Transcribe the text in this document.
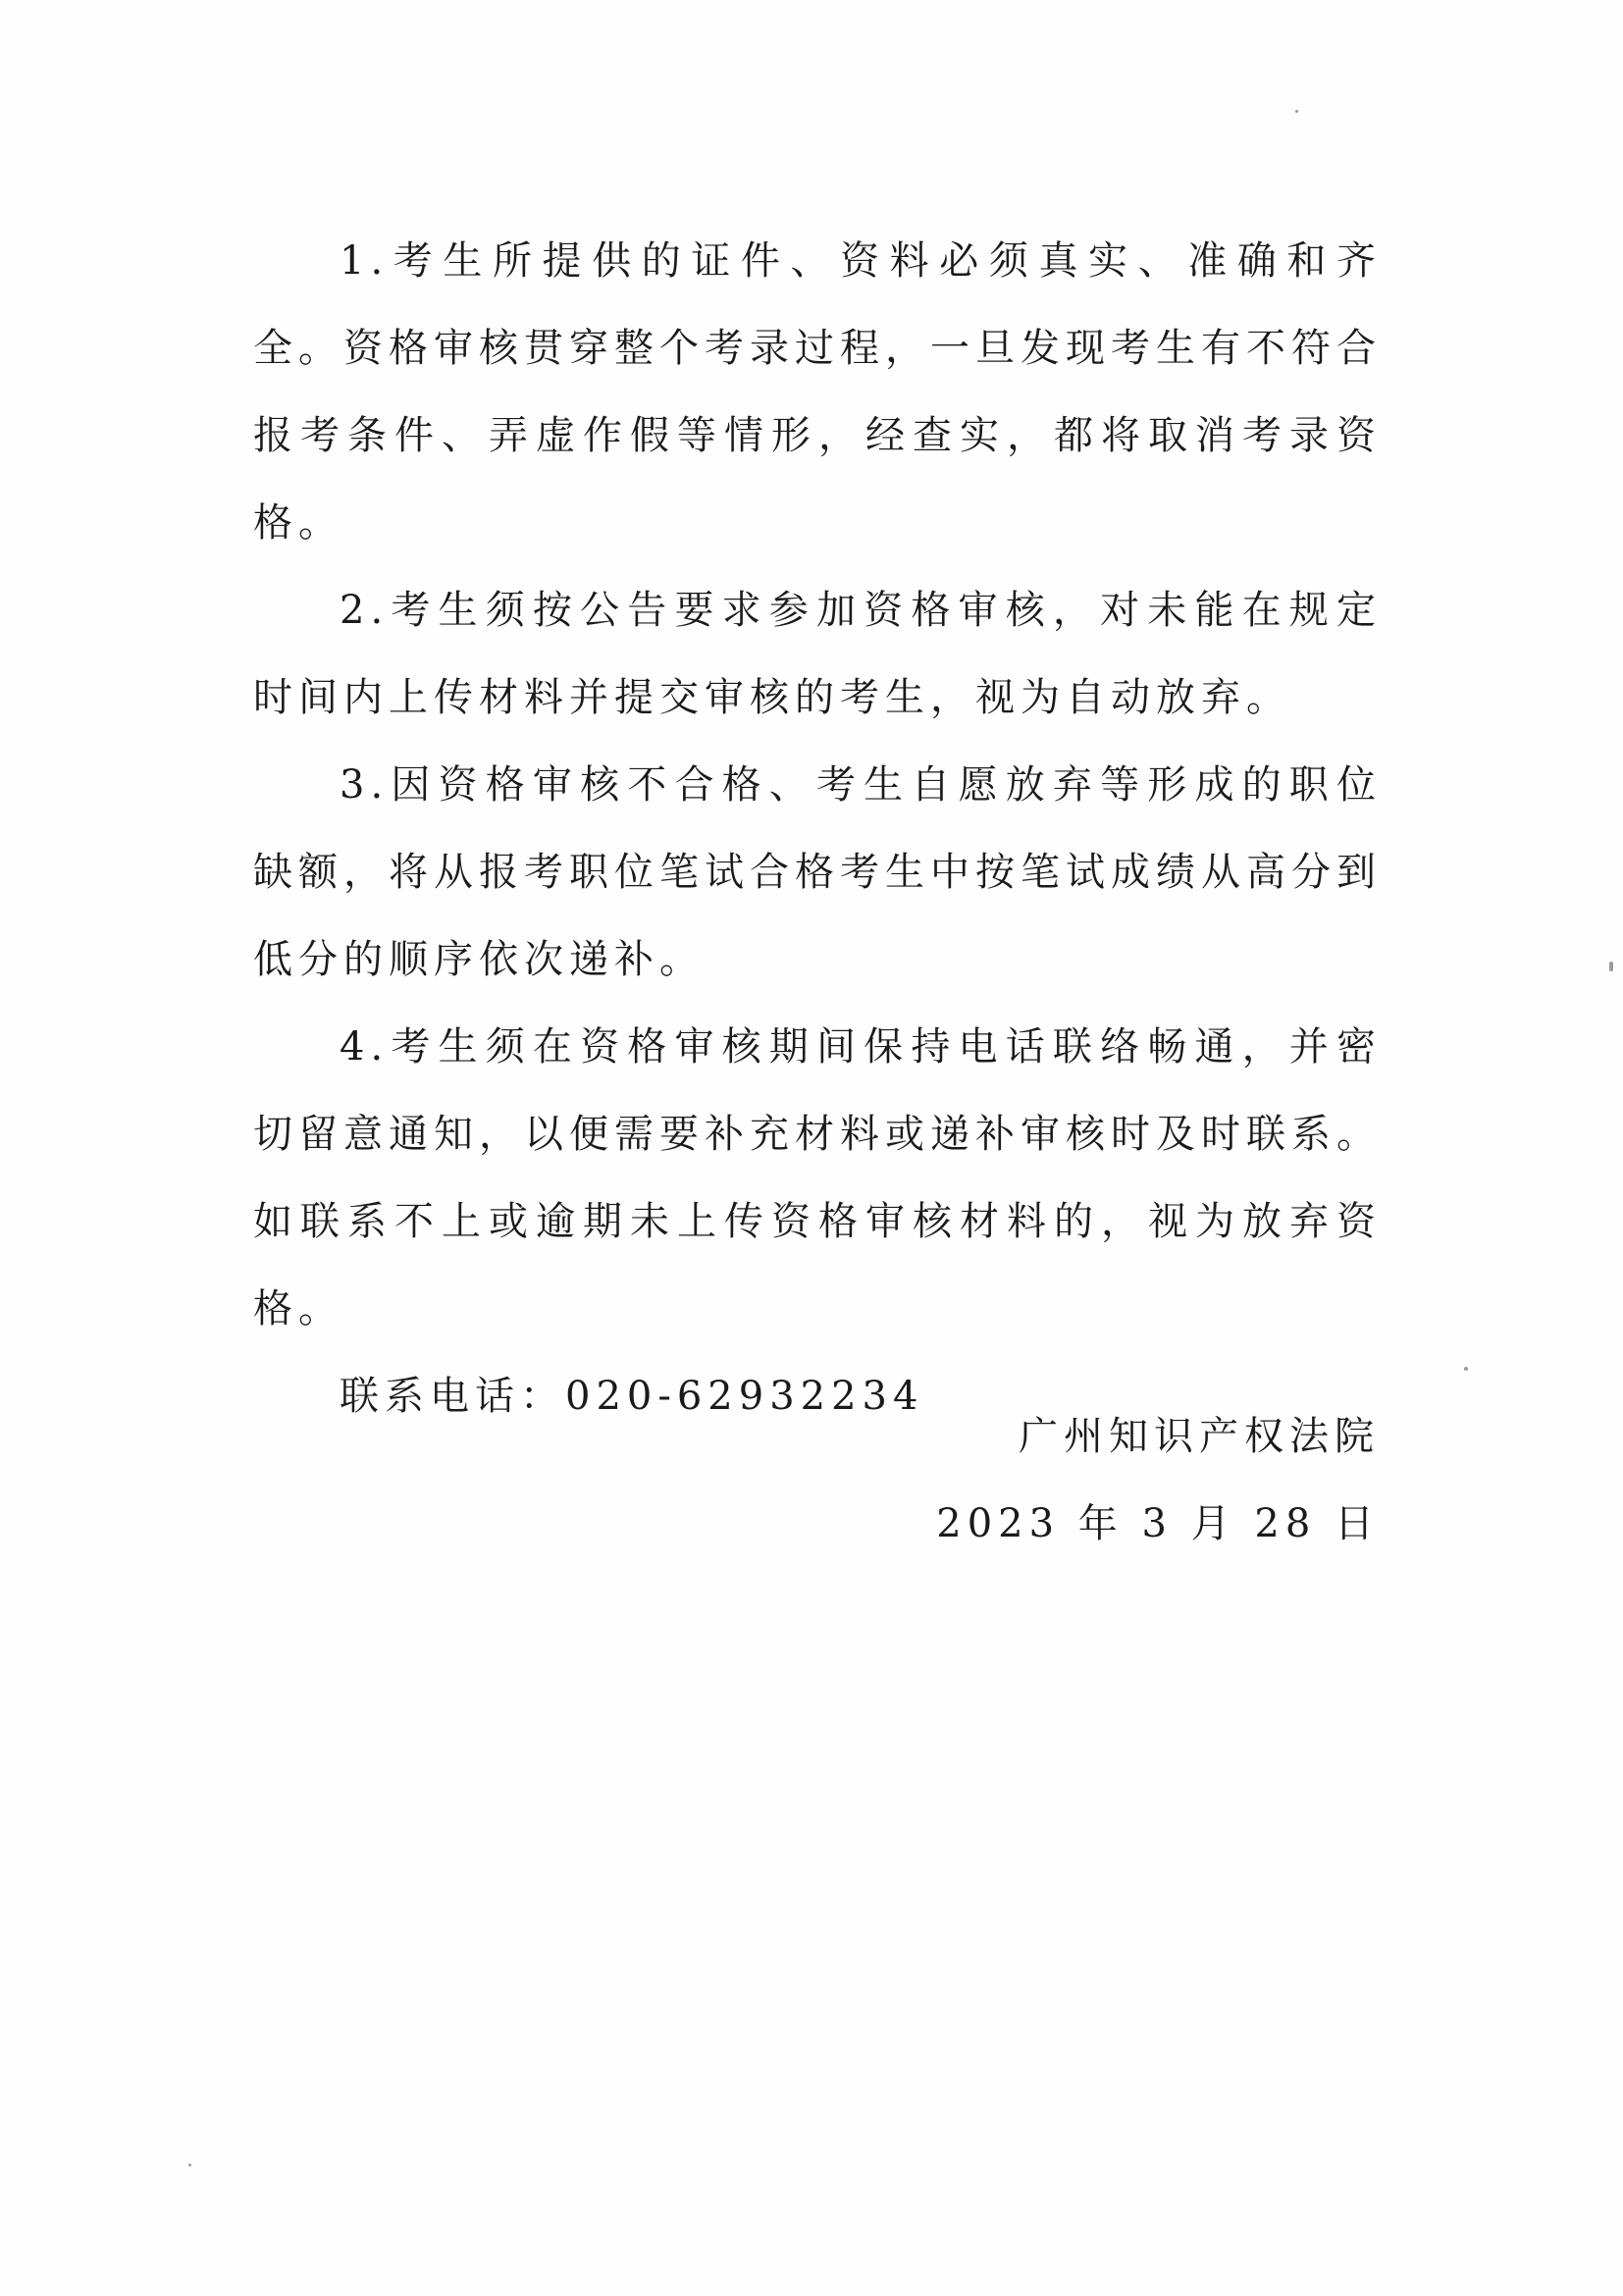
1.考生所提供的证件、资料必须真实、准确和齐全。资格审核贯穿整个考录过程，一旦发现考生有不符合报考条件、弄虚作假等情形，经查实，都将取消考录资格。

2.考生须按公告要求参加资格审核，对未能在规定时间内上传材料并提交审核的考生，视为自动放弃。

3.因资格审核不合格、考生自愿放弃等形成的职位缺额，将从报考职位笔试合格考生中按笔试成绩从高分到低分的顺序依次递补。

4.考生须在资格审核期间保持电话联络畅通，并密切留意通知，以便需要补充材料或递补审核时及时联系。如联系不上或逾期未上传资格审核材料的，视为放弃资格。

联系电话：020-62932234

广州知识产权法院

2023 年 3 月 28 日
